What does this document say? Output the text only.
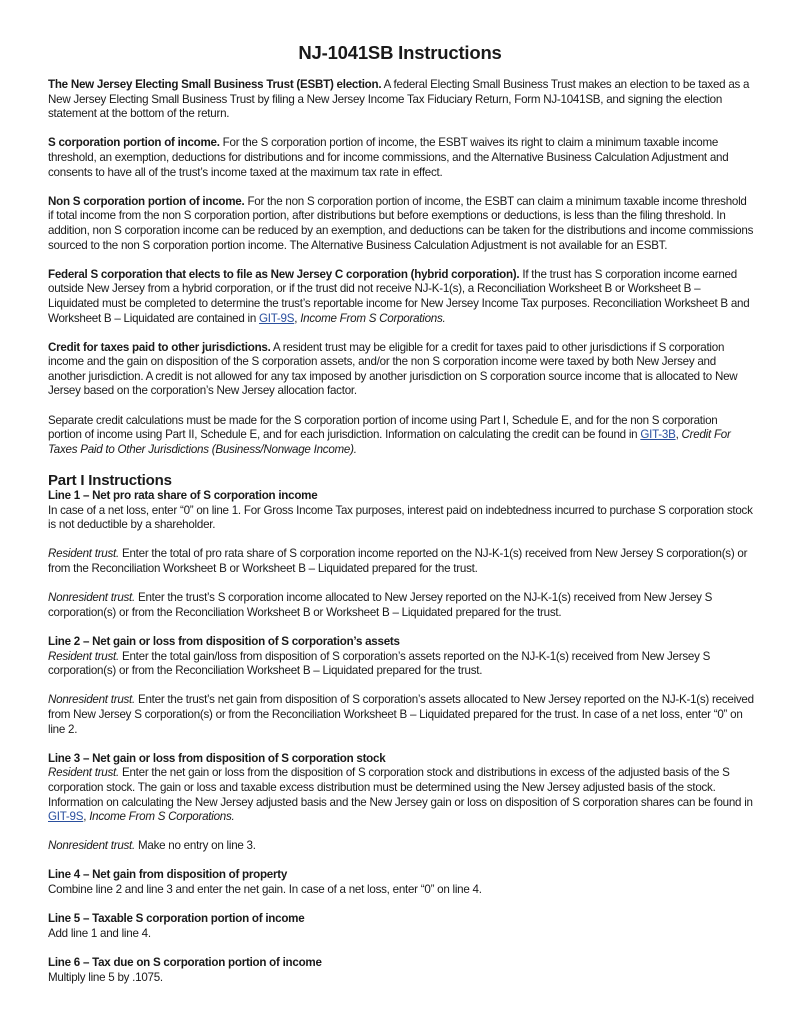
NJ-1041SB Instructions

The New Jersey Electing Small Business Trust (ESBT) election. A federal Electing Small Business Trust makes an election to be taxed as a New Jersey Electing Small Business Trust by filing a New Jersey Income Tax Fiduciary Return, Form NJ-1041SB, and signing the election statement at the bottom of the return.

S corporation portion of income. For the S corporation portion of income, the ESBT waives its right to claim a minimum taxable income threshold, an exemption, deductions for distributions and for income commissions, and the Alternative Business Calculation Adjustment and consents to have all of the trust’s income taxed at the maximum tax rate in effect.

Non S corporation portion of income. For the non S corporation portion of income, the ESBT can claim a minimum taxable income threshold if total income from the non S corporation portion, after distributions but before exemptions or deductions, is less than the filing threshold. In addition, non S corporation income can be reduced by an exemption, and deductions can be taken for the distributions and income commissions sourced to the non S corporation portion income. The Alternative Business Calculation Adjustment is not available for an ESBT.

Federal S corporation that elects to file as New Jersey C corporation (hybrid corporation). If the trust has S corporation income earned outside New Jersey from a hybrid corporation, or if the trust did not receive NJ-K-1(s), a Reconciliation Worksheet B or Worksheet B – Liquidated must be completed to determine the trust’s reportable income for New Jersey Income Tax purposes. Reconciliation Worksheet B and Worksheet B – Liquidated are contained in GIT-9S, Income From S Corporations.

Credit for taxes paid to other jurisdictions. A resident trust may be eligible for a credit for taxes paid to other jurisdictions if S corporation income and the gain on disposition of the S corporation assets, and/or the non S corporation income were taxed by both New Jersey and another jurisdiction. A credit is not allowed for any tax imposed by another jurisdiction on S corporation source income that is allocated to New Jersey based on the corporation’s New Jersey allocation factor.

Separate credit calculations must be made for the S corporation portion of income using Part I, Schedule E, and for the non S corporation portion of income using Part II, Schedule E, and for each jurisdiction. Information on calculating the credit can be found in GIT-3B, Credit For Taxes Paid to Other Jurisdictions (Business/Nonwage Income).

Part I Instructions
Line 1 – Net pro rata share of S corporation income

In case of a net loss, enter “0” on line 1. For Gross Income Tax purposes, interest paid on indebtedness incurred to purchase S corporation stock is not deductible by a shareholder.

Resident trust. Enter the total of pro rata share of S corporation income reported on the NJ-K-1(s) received from New Jersey S corporation(s) or from the Reconciliation Worksheet B or Worksheet B – Liquidated prepared for the trust.

Nonresident trust. Enter the trust’s S corporation income allocated to New Jersey reported on the NJ-K-1(s) received from New Jersey S corporation(s) or from the Reconciliation Worksheet B or Worksheet B – Liquidated prepared for the trust.

Line 2 – Net gain or loss from disposition of S corporation’s assets

Resident trust. Enter the total gain/loss from disposition of S corporation’s assets reported on the NJ-K-1(s) received from New Jersey S corporation(s) or from the Reconciliation Worksheet B – Liquidated prepared for the trust.

Nonresident trust. Enter the trust’s net gain from disposition of S corporation’s assets allocated to New Jersey reported on the NJ-K-1(s) received from New Jersey S corporation(s) or from the Reconciliation Worksheet B – Liquidated prepared for the trust. In case of a net loss, enter “0” on line 2.

Line 3 – Net gain or loss from disposition of S corporation stock

Resident trust. Enter the net gain or loss from the disposition of S corporation stock and distributions in excess of the adjusted basis of the S corporation stock. The gain or loss and taxable excess distribution must be determined using the New Jersey adjusted basis of the stock. Information on calculating the New Jersey adjusted basis and the New Jersey gain or loss on disposition of S corporation shares can be found in GIT-9S, Income From S Corporations.

Nonresident trust. Make no entry on line 3.

Line 4 – Net gain from disposition of property

Combine line 2 and line 3 and enter the net gain. In case of a net loss, enter “0” on line 4.

Line 5 – Taxable S corporation portion of income

Add line 1 and line 4.

Line 6 – Tax due on S corporation portion of income

Multiply line 5 by .1075.
